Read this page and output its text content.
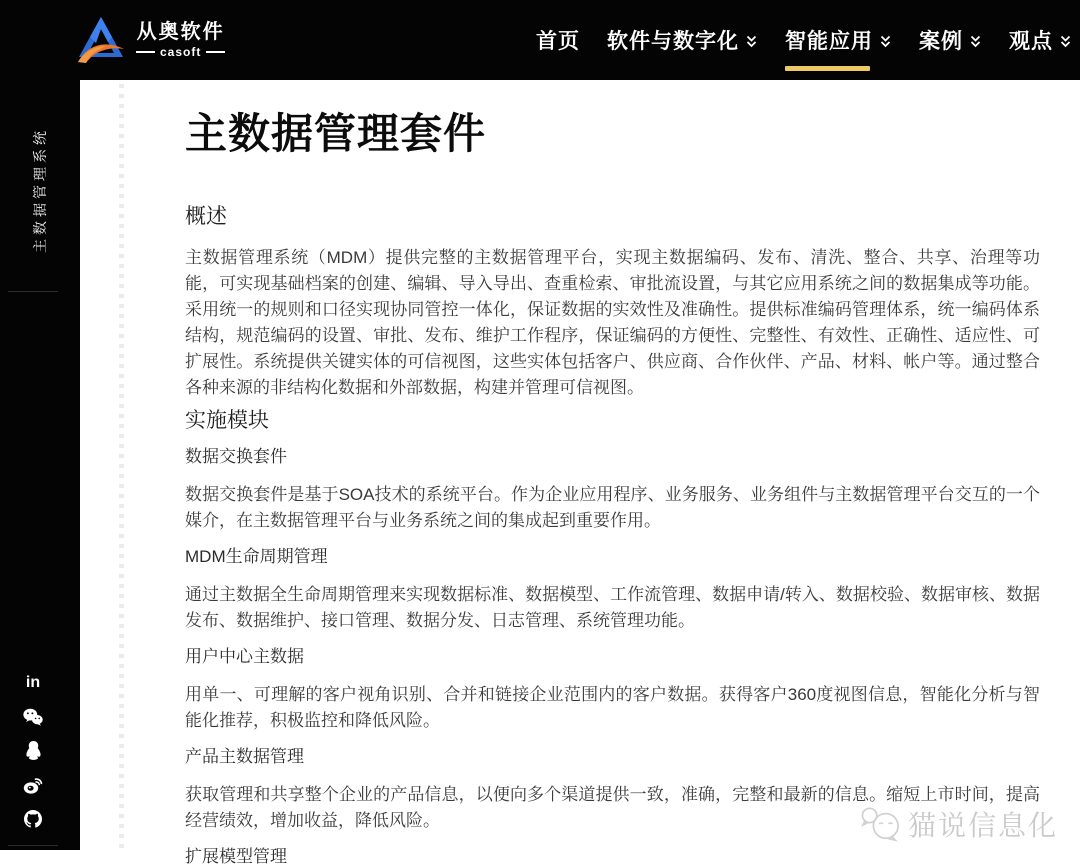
从奥软件
casoft	首页 软件与数字化 智能应用 案例 观点
主数据管理系统
in
主数据管理套件
概述

主数据管理系统（MDM）提供完整的主数据管理平台，实现主数据编码、发布、清洗、整合、共享、治理等功能，可实现基础档案的创建、编辑、导入导出、查重检索、审批流设置，与其它应用系统之间的数据集成等功能。采用统一的规则和口径实现协同管控一体化，保证数据的实效性及准确性。提供标准编码管理体系，统一编码体系结构，规范编码的设置、审批、发布、维护工作程序，保证编码的方便性、完整性、有效性、正确性、适应性、可扩展性。系统提供关键实体的可信视图，这些实体包括客户、供应商、合作伙伴、产品、材料、帐户等。通过整合各种来源的非结构化数据和外部数据，构建并管理可信视图。

实施模块
数据交换套件

数据交换套件是基于SOA技术的系统平台。作为企业应用程序、业务服务、业务组件与主数据管理平台交互的一个媒介，在主数据管理平台与业务系统之间的集成起到重要作用。

MDM生命周期管理

通过主数据全生命周期管理来实现数据标准、数据模型、工作流管理、数据申请/转入、数据校验、数据审核、数据发布、数据维护、接口管理、数据分发、日志管理、系统管理功能。

用户中心主数据

用单一、可理解的客户视角识别、合并和链接企业范围内的客户数据。获得客户360度视图信息，智能化分析与智能化推荐，积极监控和降低风险。

产品主数据管理

获取管理和共享整个企业的产品信息，以便向多个渠道提供一致，准确，完整和最新的信息。缩短上市时间，提高经营绩效，增加收益，降低风险。

扩展模型管理
猫说信息化
